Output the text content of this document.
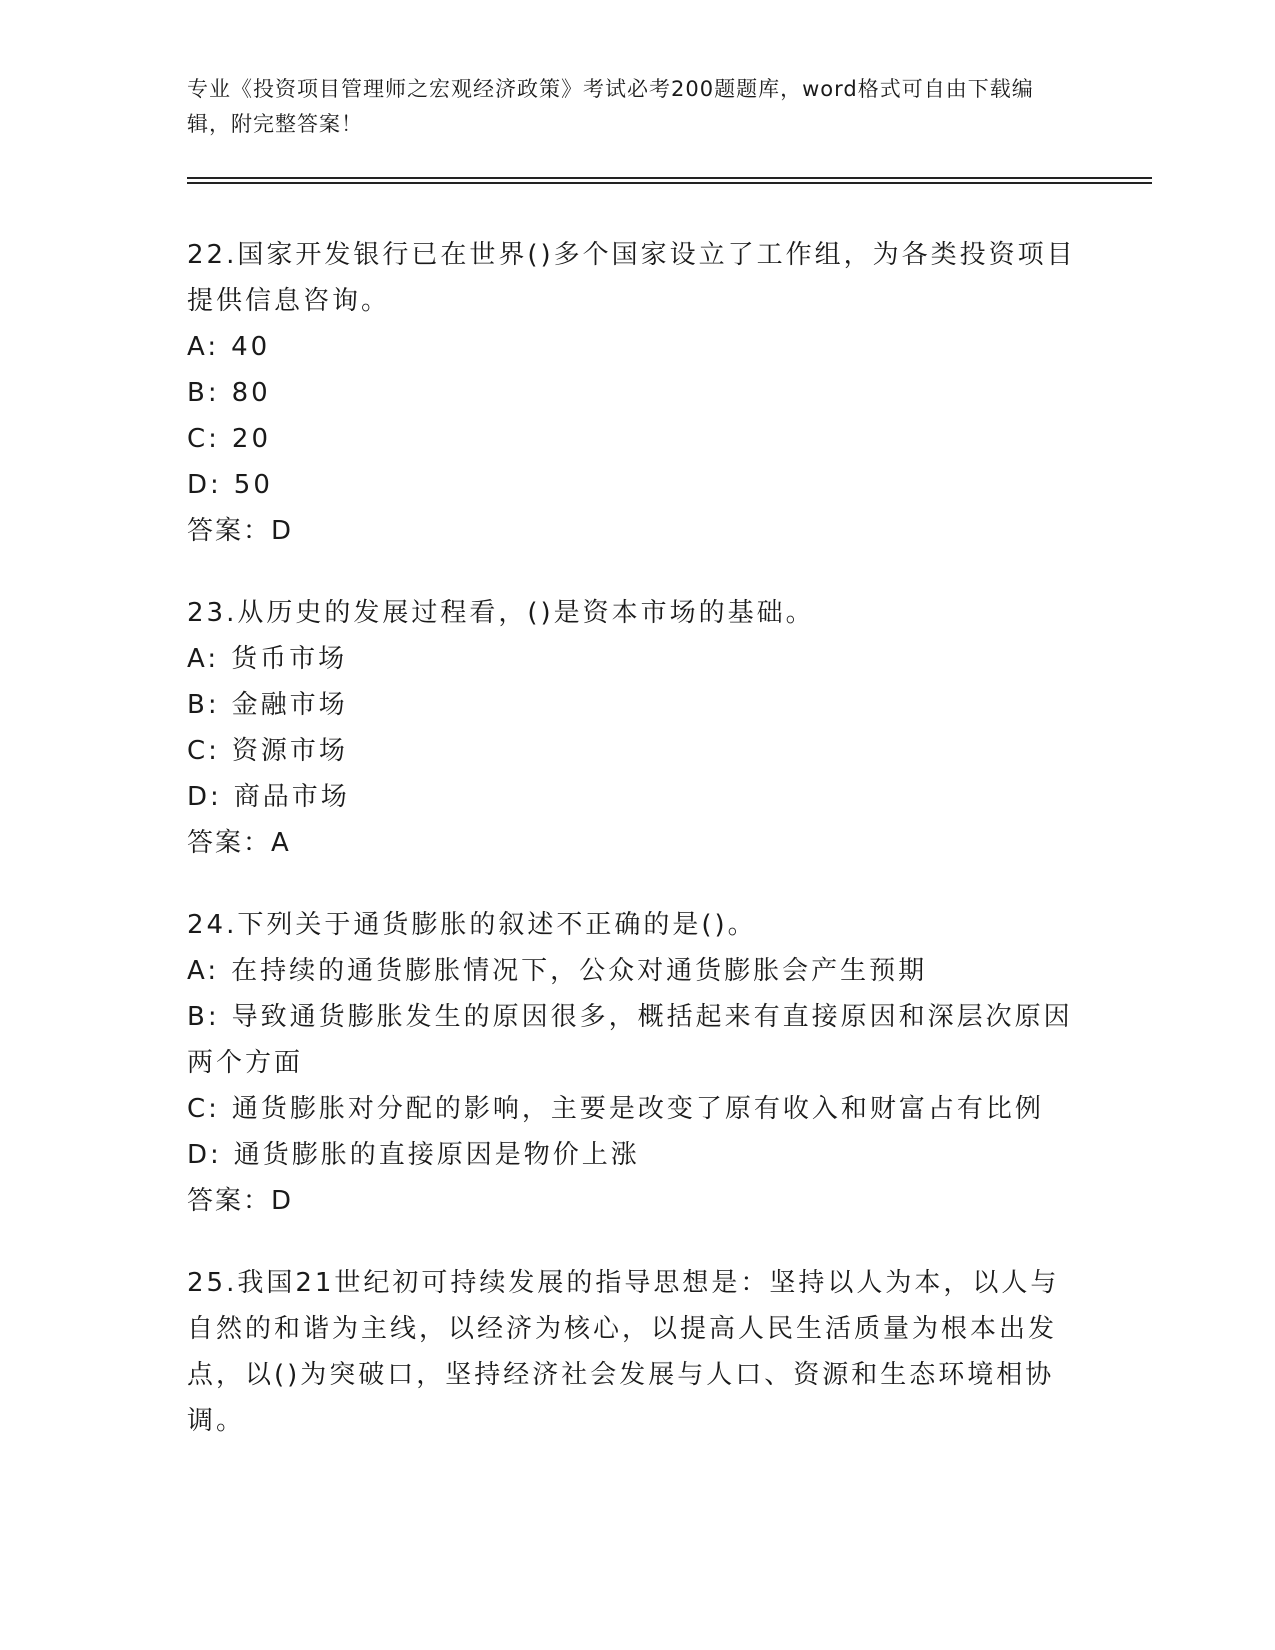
专业《投资项目管理师之宏观经济政策》考试必考200题题库，word格式可自由下载编辑，附完整答案！

22.国家开发银行已在世界()多个国家设立了工作组，为各类投资项目提供信息咨询。

A: 40

B: 80

C: 20

D: 50

答案：D

23.从历史的发展过程看，()是资本市场的基础。

A: 货币市场

B: 金融市场

C: 资源市场

D: 商品市场

答案：A

24.下列关于通货膨胀的叙述不正确的是()。

A: 在持续的通货膨胀情况下，公众对通货膨胀会产生预期

B: 导致通货膨胀发生的原因很多，概括起来有直接原因和深层次原因两个方面

C: 通货膨胀对分配的影响，主要是改变了原有收入和财富占有比例

D: 通货膨胀的直接原因是物价上涨

答案：D

25.我国21世纪初可持续发展的指导思想是：坚持以人为本，以人与自然的和谐为主线，以经济为核心，以提高人民生活质量为根本出发点，以()为突破口，坚持经济社会发展与人口、资源和生态环境相协调。
